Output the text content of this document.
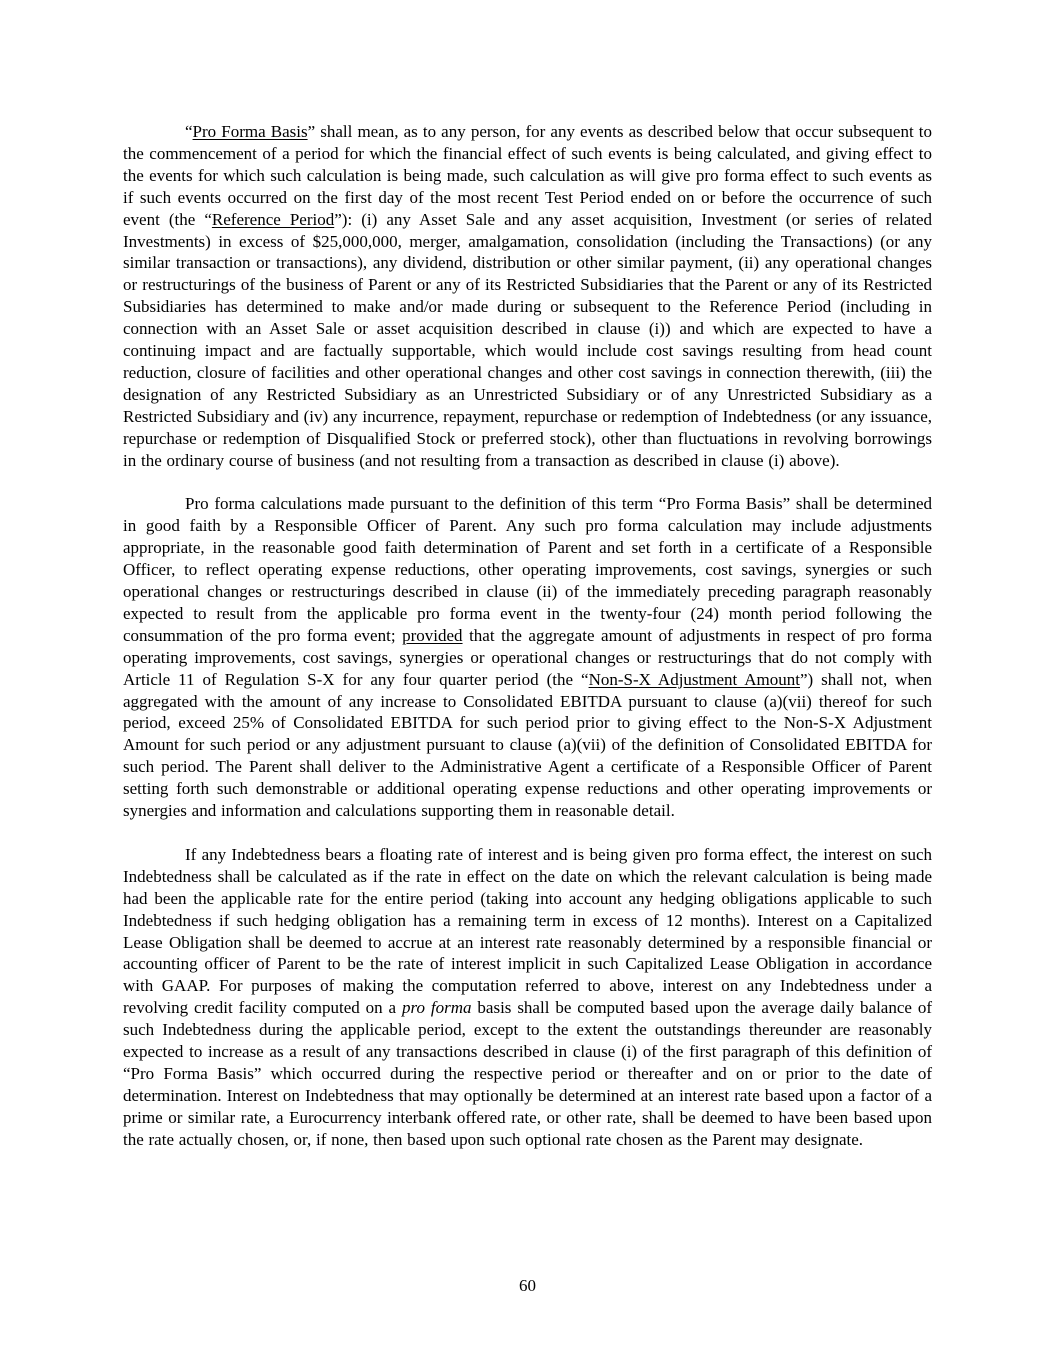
“Pro Forma Basis” shall mean, as to any person, for any events as described below that occur subsequent to the commencement of a period for which the financial effect of such events is being calculated, and giving effect to the events for which such calculation is being made, such calculation as will give pro forma effect to such events as if such events occurred on the first day of the most recent Test Period ended on or before the occurrence of such event (the “Reference Period”): (i) any Asset Sale and any asset acquisition, Investment (or series of related Investments) in excess of $25,000,000, merger, amalgamation, consolidation (including the Transactions) (or any similar transaction or transactions), any dividend, distribution or other similar payment, (ii) any operational changes or restructurings of the business of Parent or any of its Restricted Subsidiaries that the Parent or any of its Restricted Subsidiaries has determined to make and/or made during or subsequent to the Reference Period (including in connection with an Asset Sale or asset acquisition described in clause (i)) and which are expected to have a continuing impact and are factually supportable, which would include cost savings resulting from head count reduction, closure of facilities and other operational changes and other cost savings in connection therewith, (iii) the designation of any Restricted Subsidiary as an Unrestricted Subsidiary or of any Unrestricted Subsidiary as a Restricted Subsidiary and (iv) any incurrence, repayment, repurchase or redemption of Indebtedness (or any issuance, repurchase or redemption of Disqualified Stock or preferred stock), other than fluctuations in revolving borrowings in the ordinary course of business (and not resulting from a transaction as described in clause (i) above).

Pro forma calculations made pursuant to the definition of this term “Pro Forma Basis” shall be determined in good faith by a Responsible Officer of Parent. Any such pro forma calculation may include adjustments appropriate, in the reasonable good faith determination of Parent and set forth in a certificate of a Responsible Officer, to reflect operating expense reductions, other operating improvements, cost savings, synergies or such operational changes or restructurings described in clause (ii) of the immediately preceding paragraph reasonably expected to result from the applicable pro forma event in the twenty-four (24) month period following the consummation of the pro forma event; provided that the aggregate amount of adjustments in respect of pro forma operating improvements, cost savings, synergies or operational changes or restructurings that do not comply with Article 11 of Regulation S-X for any four quarter period (the “Non-S-X Adjustment Amount”) shall not, when aggregated with the amount of any increase to Consolidated EBITDA pursuant to clause (a)(vii) thereof for such period, exceed 25% of Consolidated EBITDA for such period prior to giving effect to the Non-S-X Adjustment Amount for such period or any adjustment pursuant to clause (a)(vii) of the definition of Consolidated EBITDA for such period. The Parent shall deliver to the Administrative Agent a certificate of a Responsible Officer of Parent setting forth such demonstrable or additional operating expense reductions and other operating improvements or synergies and information and calculations supporting them in reasonable detail.

If any Indebtedness bears a floating rate of interest and is being given pro forma effect, the interest on such Indebtedness shall be calculated as if the rate in effect on the date on which the relevant calculation is being made had been the applicable rate for the entire period (taking into account any hedging obligations applicable to such Indebtedness if such hedging obligation has a remaining term in excess of 12 months). Interest on a Capitalized Lease Obligation shall be deemed to accrue at an interest rate reasonably determined by a responsible financial or accounting officer of Parent to be the rate of interest implicit in such Capitalized Lease Obligation in accordance with GAAP. For purposes of making the computation referred to above, interest on any Indebtedness under a revolving credit facility computed on a pro forma basis shall be computed based upon the average daily balance of such Indebtedness during the applicable period, except to the extent the outstandings thereunder are reasonably expected to increase as a result of any transactions described in clause (i) of the first paragraph of this definition of “Pro Forma Basis” which occurred during the respective period or thereafter and on or prior to the date of determination. Interest on Indebtedness that may optionally be determined at an interest rate based upon a factor of a prime or similar rate, a Eurocurrency interbank offered rate, or other rate, shall be deemed to have been based upon the rate actually chosen, or, if none, then based upon such optional rate chosen as the Parent may designate.

60
